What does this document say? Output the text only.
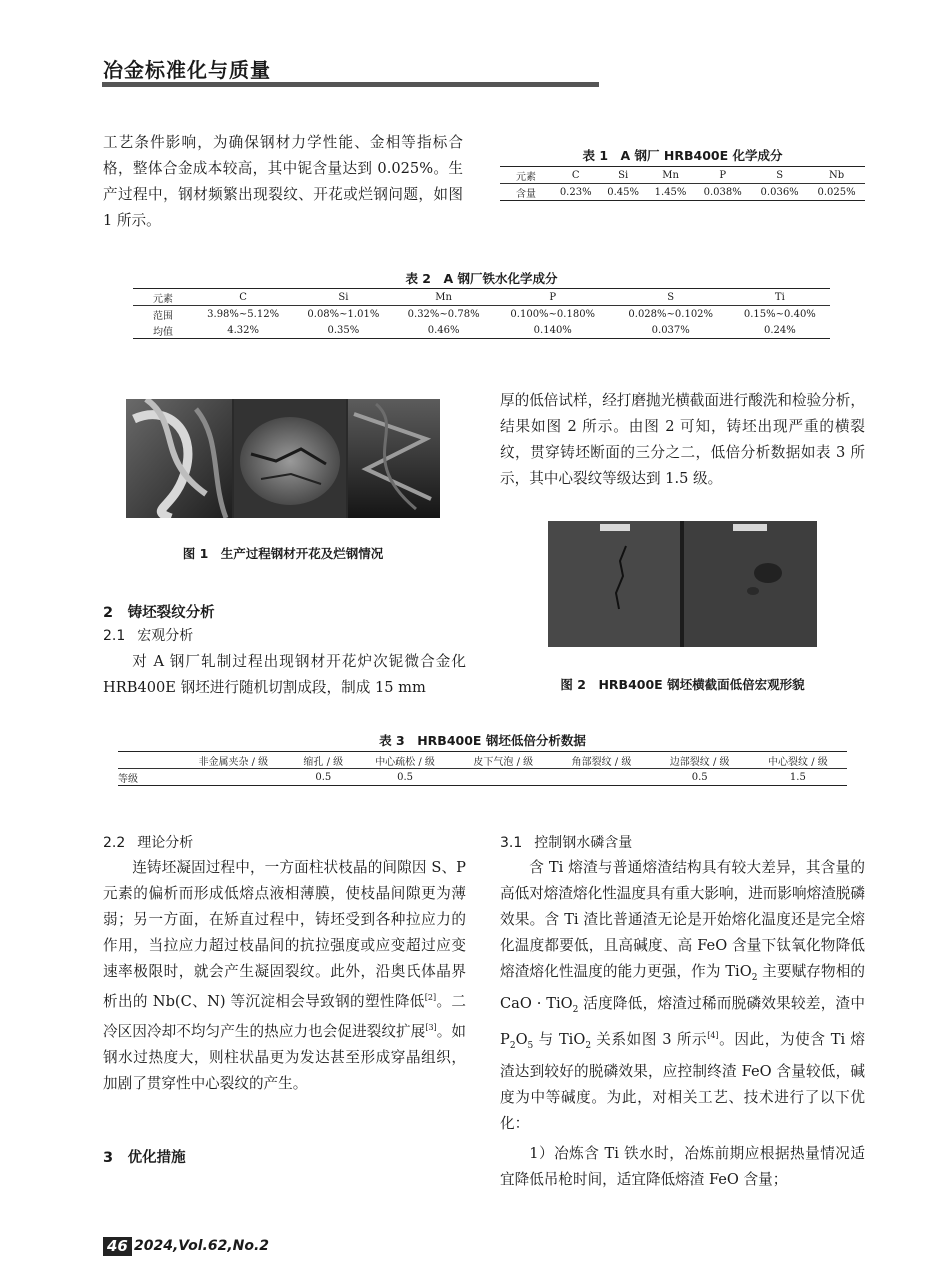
冶金标准化与质量
工艺条件影响，为确保钢材力学性能、金相等指标合格，整体合金成本较高，其中铌含量达到 0.025%。生产过程中，钢材频繁出现裂纹、开花或烂钢问题，如图 1 所示。
表 1　A 钢厂 HRB400E 化学成分
元素	C	Si	Mn	P	S	Nb
含量	0.23%	0.45%	1.45%	0.038%	0.036%	0.025%
表 2　A 钢厂铁水化学成分
元素	C	Si	Mn	P	S	Ti
范围	3.98%~5.12%	0.08%~1.01%	0.32%~0.78%	0.100%~0.180%	0.028%~0.102%	0.15%~0.40%
均值	4.32%	0.35%	0.46%	0.140%	0.037%	0.24%
图 1　生产过程钢材开花及烂钢情况
厚的低倍试样，经打磨抛光横截面进行酸洗和检验分析，结果如图 2 所示。由图 2 可知，铸坯出现严重的横裂纹，贯穿铸坯断面的三分之二，低倍分析数据如表 3 所示，其中心裂纹等级达到 1.5 级。
图 2　HRB400E 钢坯横截面低倍宏观形貌
2　铸坯裂纹分析
2.1 宏观分析
对 A 钢厂轧制过程出现钢材开花炉次铌微合金化 HRB400E 钢坯进行随机切割成段，制成 15 mm
表 3　HRB400E 钢坯低倍分析数据
	非金属夹杂 / 级	缩孔 / 级	中心疏松 / 级	皮下气泡 / 级	角部裂纹 / 级	边部裂纹 / 级	中心裂纹 / 级
等级		0.5	0.5			0.5	1.5
2.2 理论分析
连铸坯凝固过程中，一方面柱状枝晶的间隙因 S、P 元素的偏析而形成低熔点液相薄膜，使枝晶间隙更为薄弱；另一方面，在矫直过程中，铸坯受到各种拉应力的作用，当拉应力超过枝晶间的抗拉强度或应变超过应变速率极限时，就会产生凝固裂纹。此外，沿奥氏体晶界析出的 Nb(C、N) 等沉淀相会导致钢的塑性降低[2]。二冷区因冷却不均匀产生的热应力也会促进裂纹扩展[3]。如钢水过热度大，则柱状晶更为发达甚至形成穿晶组织，加剧了贯穿性中心裂纹的产生。
3　优化措施
3.1 控制钢水磷含量
含 Ti 熔渣与普通熔渣结构具有较大差异，其含量的高低对熔渣熔化性温度具有重大影响，进而影响熔渣脱磷效果。含 Ti 渣比普通渣无论是开始熔化温度还是完全熔化温度都要低，且高碱度、高 FeO 含量下钛氧化物降低熔渣熔化性温度的能力更强，作为 TiO$_2$ 主要赋存物相的 CaO · TiO$_2$ 活度降低，熔渣过稀而脱磷效果较差，渣中 $P_2O_5$ 与 TiO$_2$ 关系如图 3 所示[4]。因此，为使含 Ti 熔渣达到较好的脱磷效果，应控制终渣 FeO 含量较低，碱度为中等碱度。为此，对相关工艺、技术进行了以下优化：
1）冶炼含 Ti 铁水时，冶炼前期应根据热量情况适宜降低吊枪时间，适宜降低熔渣 FeO 含量；
46 2024,Vol.62,No.2
